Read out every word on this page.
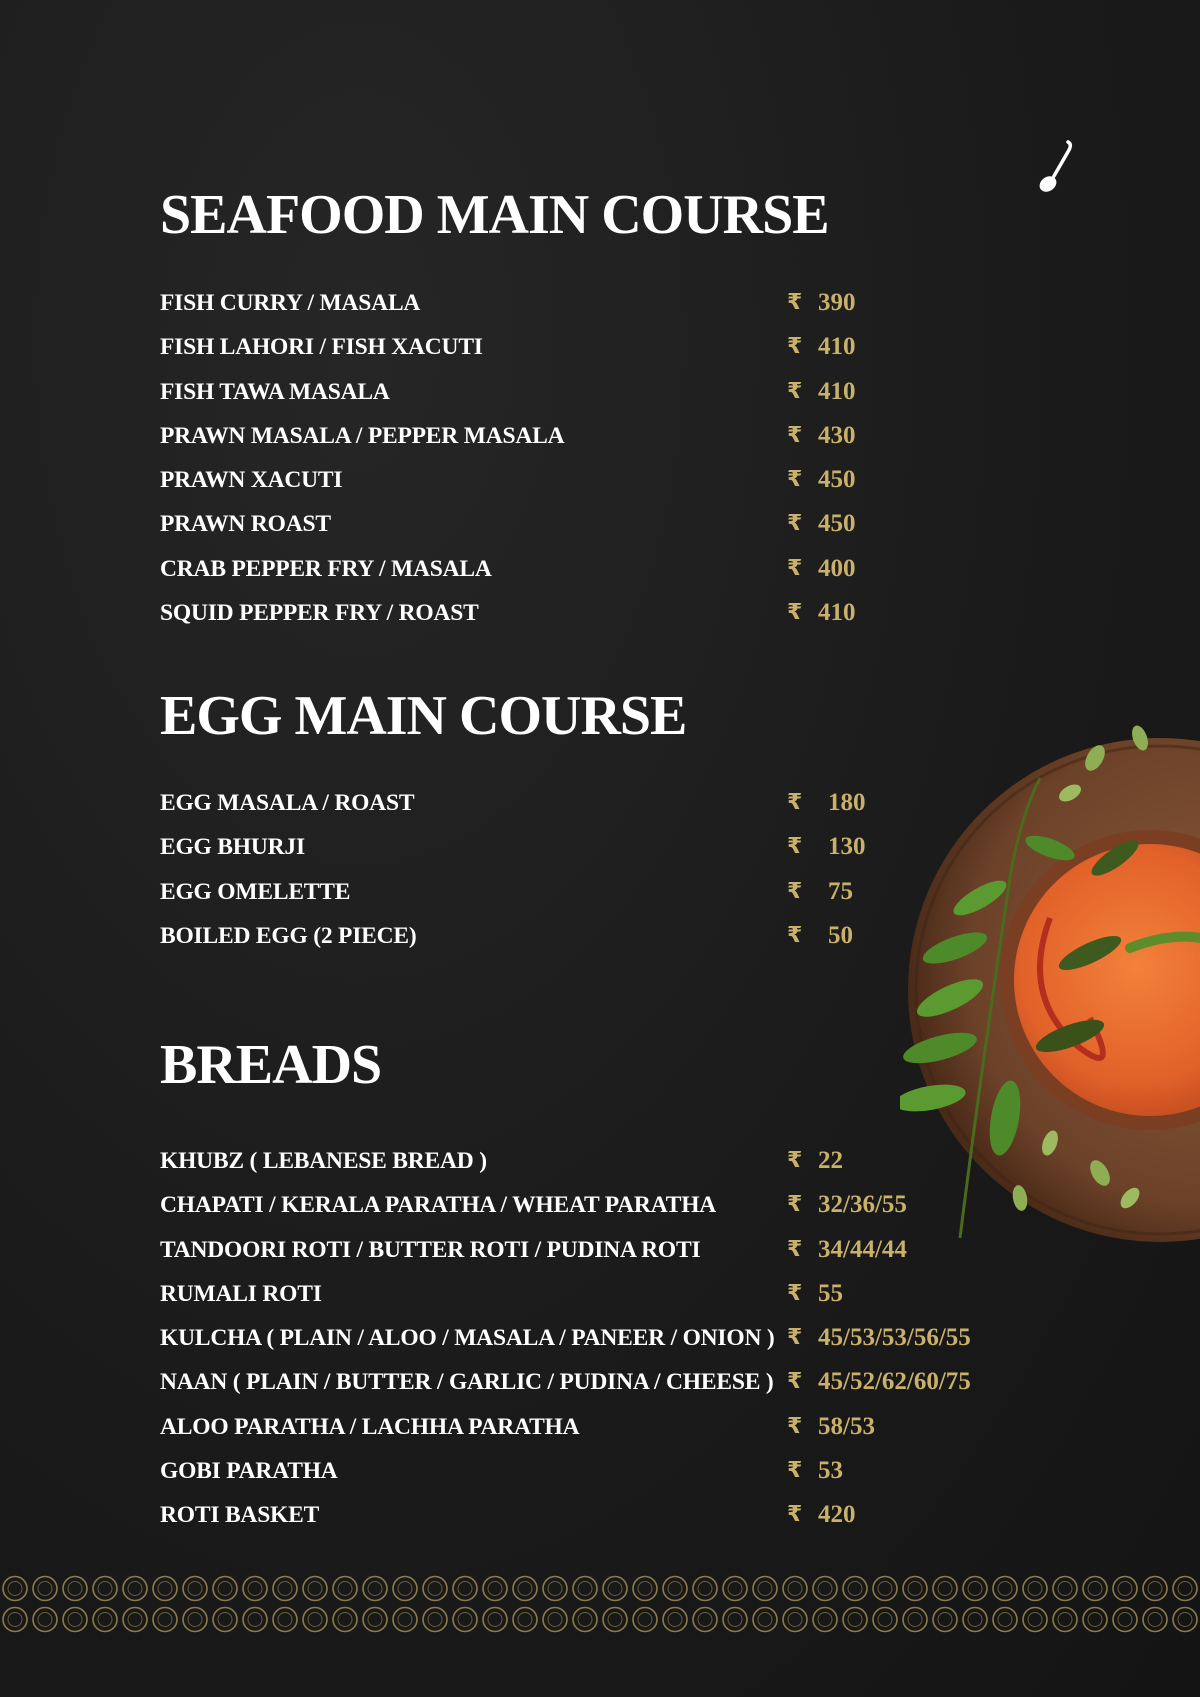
SEAFOOD MAIN COURSE
FISH CURRY / MASALA	₹ 390
FISH LAHORI / FISH XACUTI	₹ 410
FISH TAWA MASALA	₹ 410
PRAWN MASALA / PEPPER MASALA	₹ 430
PRAWN XACUTI	₹ 450
PRAWN ROAST	₹ 450
CRAB PEPPER FRY / MASALA	₹ 400
SQUID PEPPER FRY / ROAST	₹ 410
EGG MAIN COURSE
EGG MASALA / ROAST	₹ 180
EGG BHURJI	₹ 130
EGG OMELETTE	₹ 75
BOILED EGG (2 PIECE)	₹ 50
BREADS
KHUBZ ( LEBANESE BREAD )	₹ 22
CHAPATI / KERALA PARATHA / WHEAT PARATHA	₹ 32/36/55
TANDOORI ROTI / BUTTER ROTI / PUDINA ROTI	₹ 34/44/44
RUMALI ROTI	₹ 55
KULCHA ( PLAIN / ALOO / MASALA / PANEER / ONION ) ₹ 45/53/53/56/55
NAAN ( PLAIN / BUTTER / GARLIC / PUDINA / CHEESE ) ₹ 45/52/62/60/75
ALOO PARATHA / LACHHA PARATHA	₹ 58/53
GOBI PARATHA	₹ 53
ROTI BASKET	₹ 420
